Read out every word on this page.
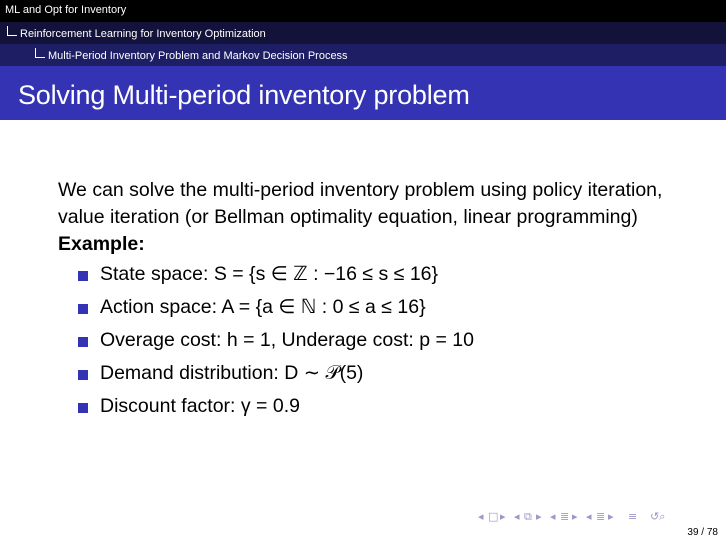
ML and Opt for Inventory
Reinforcement Learning for Inventory Optimization
Multi-Period Inventory Problem and Markov Decision Process
Solving Multi-period inventory problem

We can solve the multi-period inventory problem using policy iteration, value iteration (or Bellman optimality equation, linear programming)

Example:

State space: S = {s ∈ ℤ : −16 ≤ s ≤ 16}
Action space: A = {a ∈ ℕ : 0 ≤ a ≤ 16}
Overage cost: h = 1, Underage cost: p = 10
Demand distribution: D ∼ 𝒫(5)
Discount factor: γ = 0.9
◂ □ ▸ ◂ ⧉ ▸ ◂ ≣ ▸ ◂ ≣ ▸ ≡ ↺⌕
39 / 78
